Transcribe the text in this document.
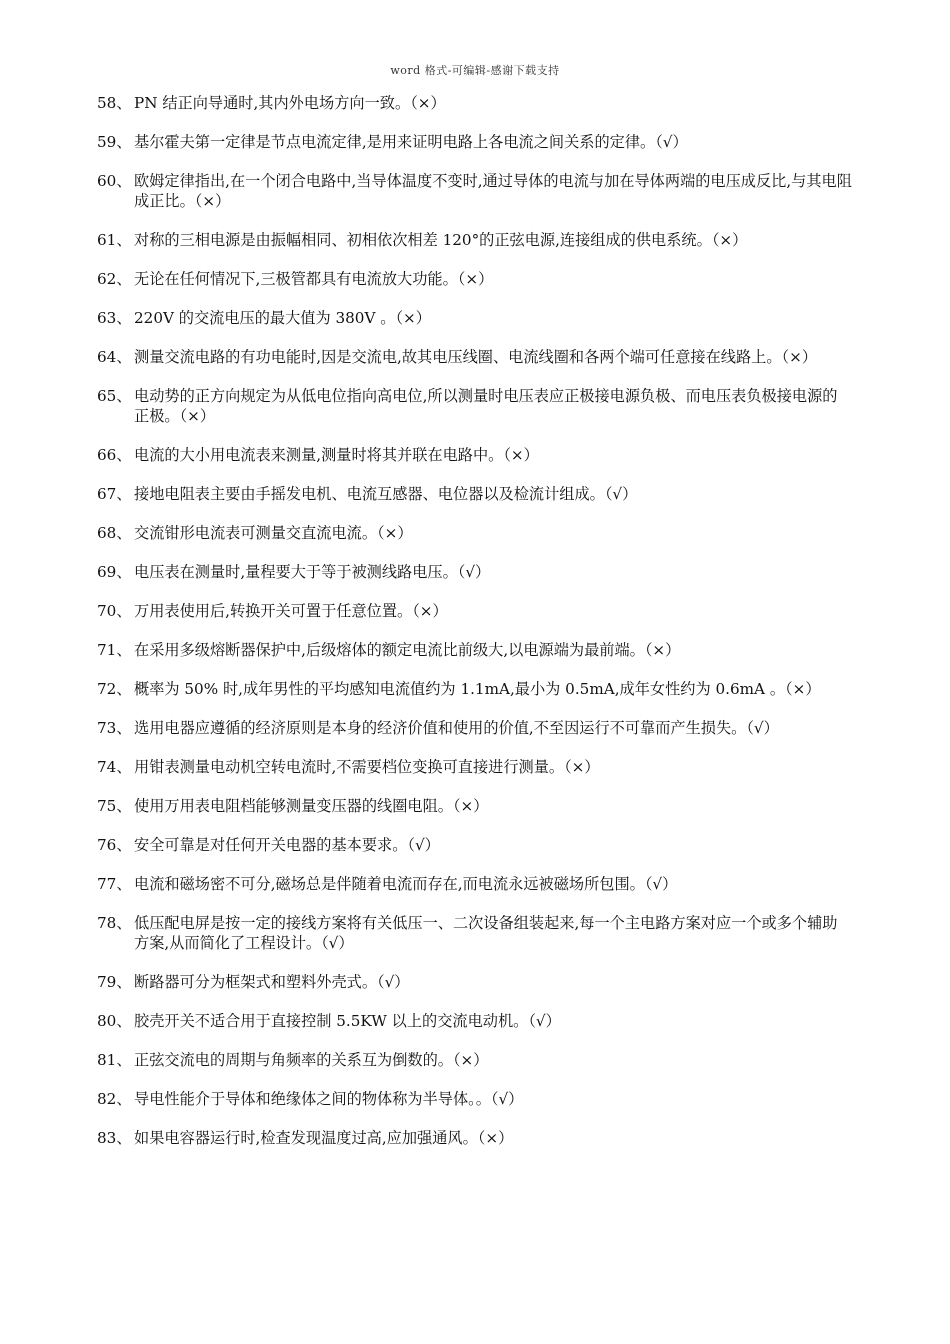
word 格式-可编辑-感谢下载支持
58、 PN 结正向导通时,其内外电场方向一致。（×）
59、 基尔霍夫第一定律是节点电流定律,是用来证明电路上各电流之间关系的定律。（√）
60、 欧姆定律指出,在一个闭合电路中,当导体温度不变时,通过导体的电流与加在导体两端的电压成反比,与其电阻成正比。（×）
61、 对称的三相电源是由振幅相同、初相依次相差 120°的正弦电源,连接组成的供电系统。（×）
62、 无论在任何情况下,三极管都具有电流放大功能。（×）
63、 220V 的交流电压的最大值为 380V 。（×）
64、 测量交流电路的有功电能时,因是交流电,故其电压线圈、电流线圈和各两个端可任意接在线路上。（×）
65、 电动势的正方向规定为从低电位指向高电位,所以测量时电压表应正极接电源负极、而电压表负极接电源的正极。（×）
66、 电流的大小用电流表来测量,测量时将其并联在电路中。（×）
67、 接地电阻表主要由手摇发电机、电流互感器、电位器以及检流计组成。（√）
68、 交流钳形电流表可测量交直流电流。（×）
69、 电压表在测量时,量程要大于等于被测线路电压。（√）
70、 万用表使用后,转换开关可置于任意位置。（×）
71、 在采用多级熔断器保护中,后级熔体的额定电流比前级大,以电源端为最前端。（×）
72、 概率为 50% 时,成年男性的平均感知电流值约为 1.1mA,最小为 0.5mA,成年女性约为 0.6mA 。（×）
73、 选用电器应遵循的经济原则是本身的经济价值和使用的价值,不至因运行不可靠而产生损失。（√）
74、 用钳表测量电动机空转电流时,不需要档位变换可直接进行测量。（×）
75、 使用万用表电阻档能够测量变压器的线圈电阻。（×）
76、 安全可靠是对任何开关电器的基本要求。（√）
77、 电流和磁场密不可分,磁场总是伴随着电流而存在,而电流永远被磁场所包围。（√）
78、 低压配电屏是按一定的接线方案将有关低压一、二次设备组装起来,每一个主电路方案对应一个或多个辅助方案,从而简化了工程设计。（√）
79、 断路器可分为框架式和塑料外壳式。（√）
80、 胶壳开关不适合用于直接控制 5.5KW 以上的交流电动机。（√）
81、 正弦交流电的周期与角频率的关系互为倒数的。（×）
82、 导电性能介于导体和绝缘体之间的物体称为半导体。。（√）
83、 如果电容器运行时,检查发现温度过高,应加强通风。（×）
